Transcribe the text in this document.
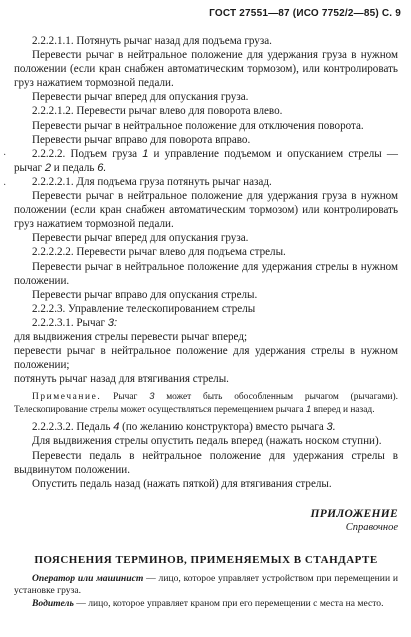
ГОСТ 27551—87 (ИСО 7752/2—85) С. 9

2.2.2.1.1. Потянуть рычаг назад для подъема груза.

Перевести рычаг в нейтральное положение для удержания груза в нужном положении (если кран снабжен автоматическим тормозом), или контролировать груз нажатием тормозной педали.

Перевести рычаг вперед для опускания груза.

2.2.2.1.2. Перевести рычаг влево для поворота влево.

Перевести рычаг в нейтральное положение для отключения поворота.

Перевести рычаг вправо для поворота вправо.

2.2.2.2. Подъем груза 1 и управление подъемом и опусканием стрелы — рычаг 2 и педаль 6.

2.2.2.2.1. Для подъема груза потянуть рычаг назад.

Перевести рычаг в нейтральное положение для удержания груза в нужном положении (если кран снабжен автоматическим тормозом) или контролировать груз нажатием тормозной педали.

Перевести рычаг вперед для опускания груза.

2.2.2.2.2. Перевести рычаг влево для подъема стрелы.

Перевести рычаг в нейтральное положение для удержания стрелы в нужном положении.

Перевести рычаг вправо для опускания стрелы.

2.2.2.3. Управление телескопированием стрелы

2.2.2.3.1. Рычаг 3:

для выдвижения стрелы перевести рычаг вперед;

перевести рычаг в нейтральное положение для удержания стрелы в нужном положении;

потянуть рычаг назад для втягивания стрелы.

Примечание. Рычаг 3 может быть обособленным рычагом (рычагами). Телескопирование стрелы может осуществляться перемещением рычага 1 вперед и назад.

2.2.2.3.2. Педаль 4 (по желанию конструктора) вместо рычага 3.

Для выдвижения стрелы опустить педаль вперед (нажать носком ступни).

Перевести педаль в нейтральное положение для удержания стрелы в выдвинутом положении.

Опустить педаль назад (нажать пяткой) для втягивания стрелы.

ПРИЛОЖЕНИЕ

Справочное

ПОЯСНЕНИЯ ТЕРМИНОВ, ПРИМЕНЯЕМЫХ В СТАНДАРТЕ

Оператор или машинист — лицо, которое управляет устройством при перемещении и установке груза.

Водитель — лицо, которое управляет краном при его перемещении с места на место.

·
·
